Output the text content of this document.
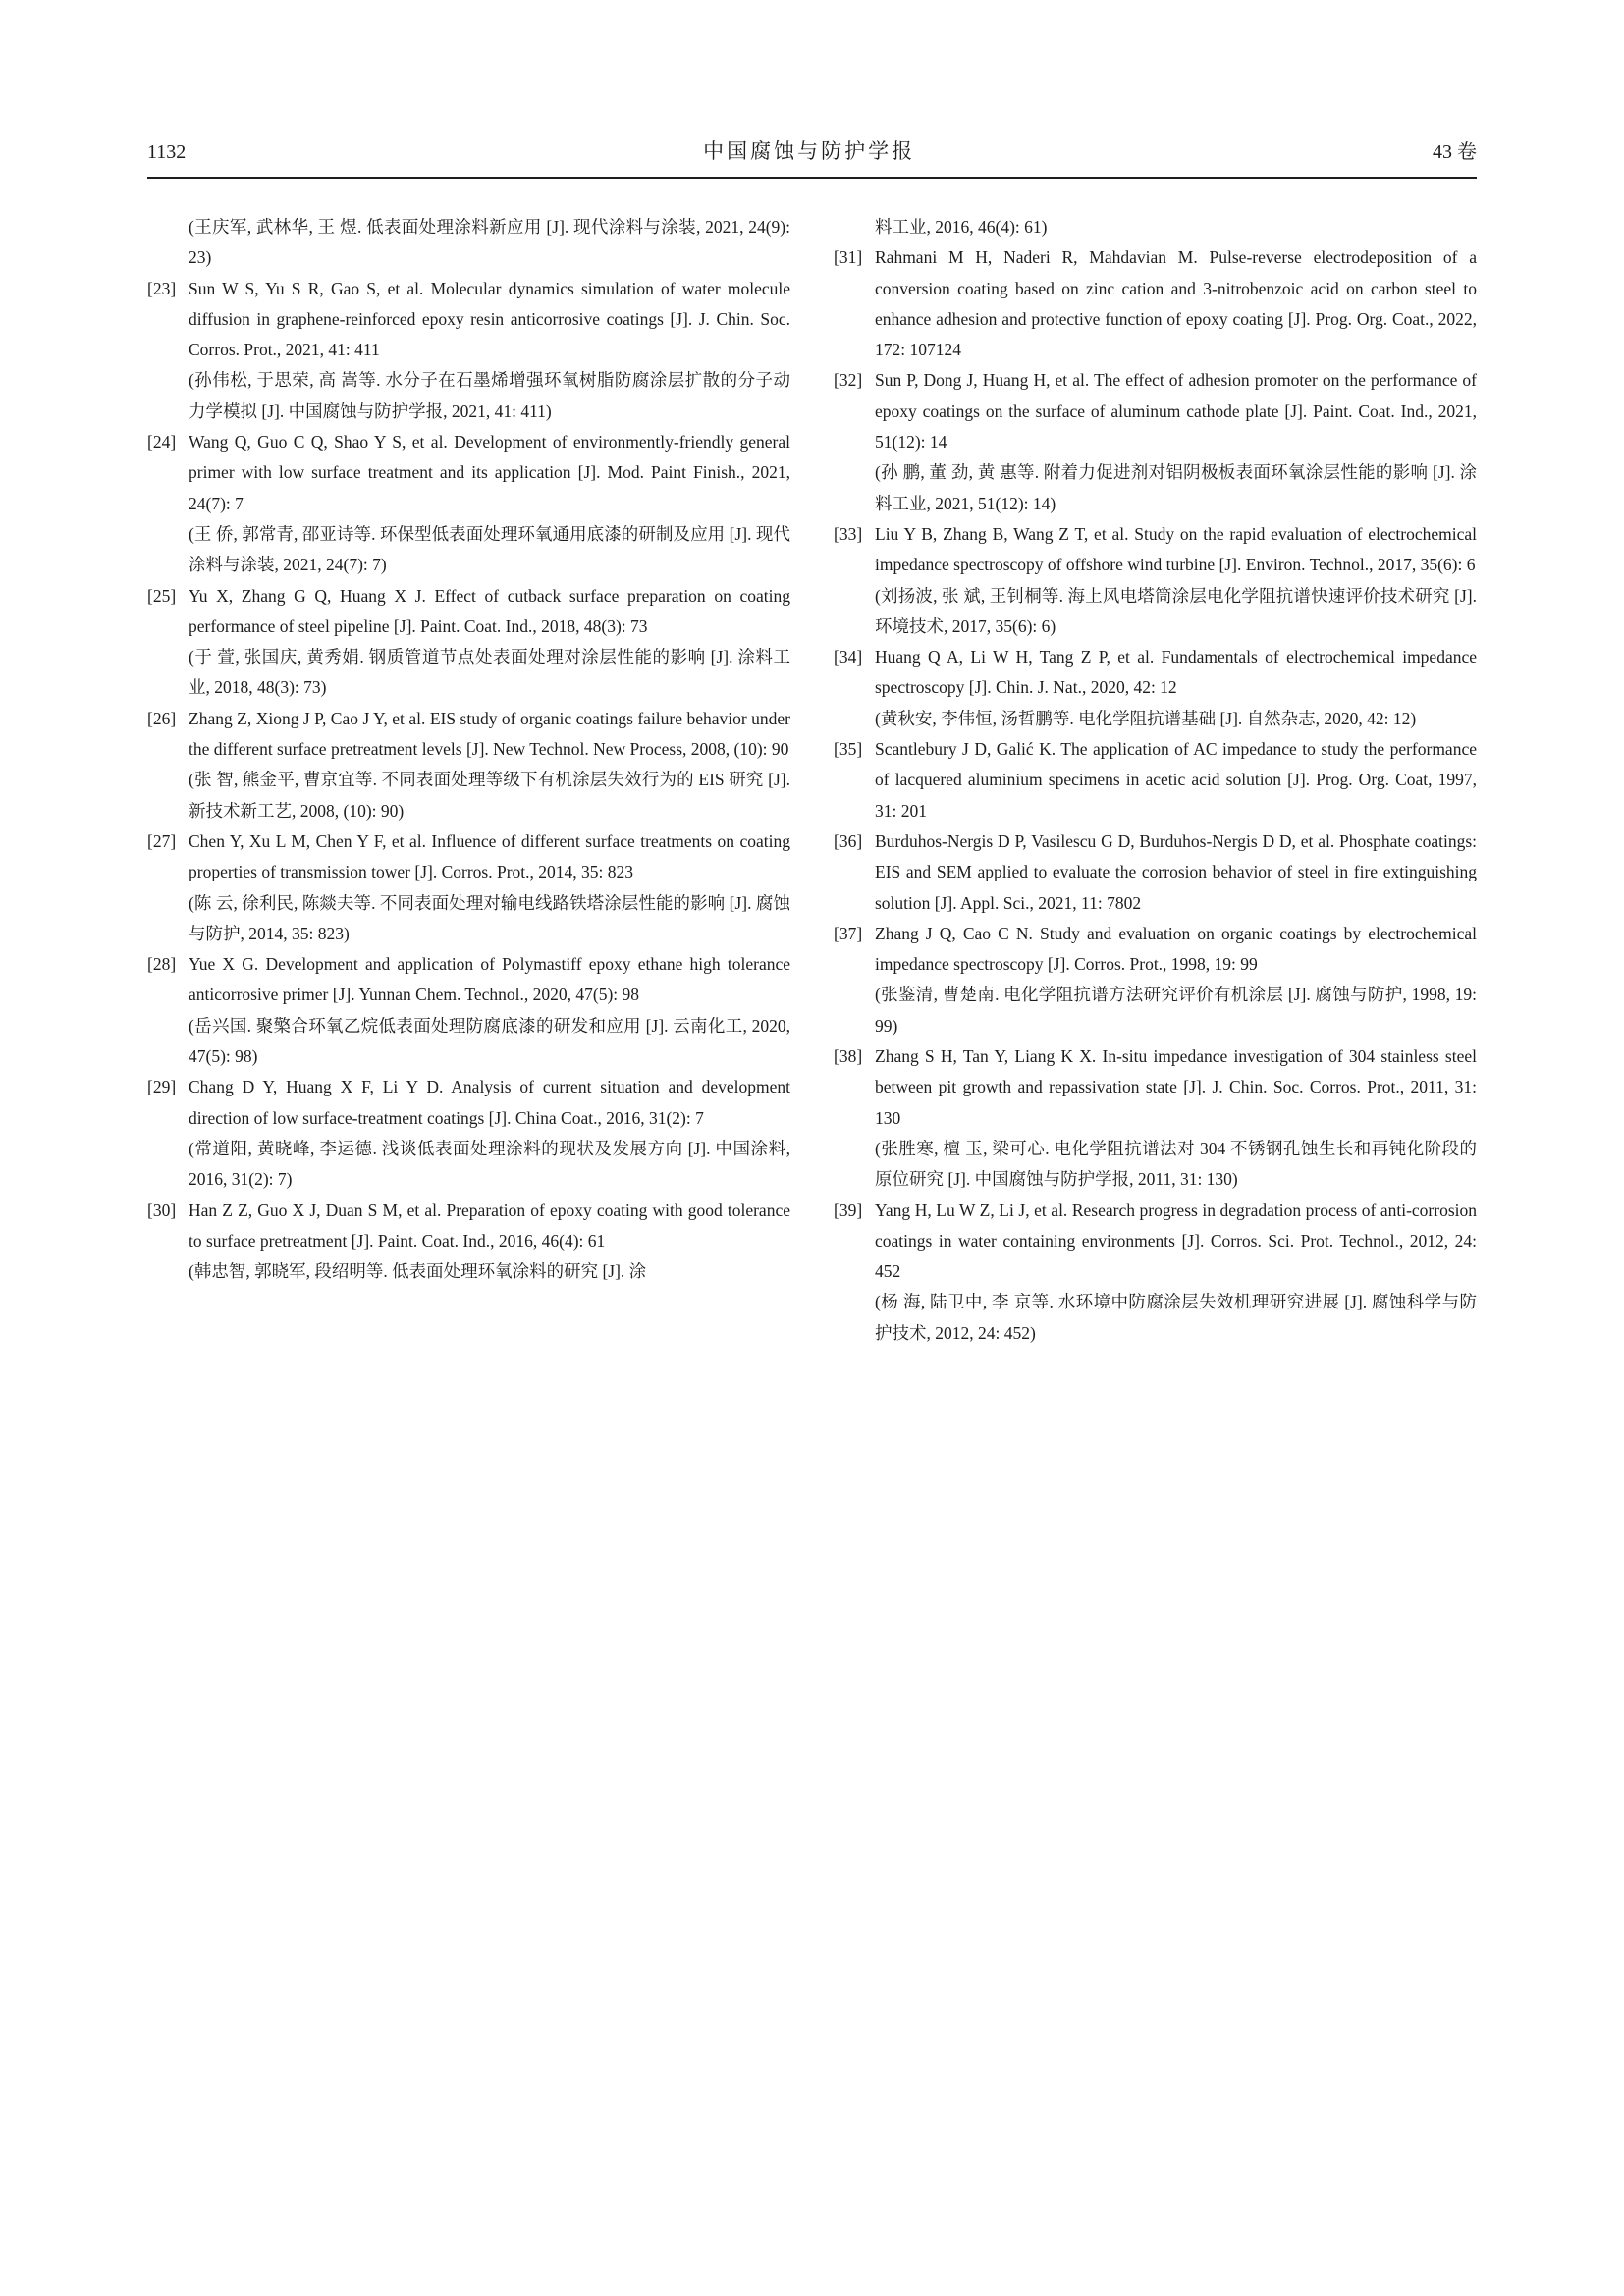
1132	中国腐蚀与防护学报	43 卷
(王庆军, 武林华, 王 煜. 低表面处理涂料新应用 [J]. 现代涂料与涂装, 2021, 24(9): 23)
[23] Sun W S, Yu S R, Gao S, et al. Molecular dynamics simulation of water molecule diffusion in graphene-reinforced epoxy resin anticorrosive coatings [J]. J. Chin. Soc. Corros. Prot., 2021, 41: 411
(孙伟松, 于思荣, 高 嵩等. 水分子在石墨烯增强环氧树脂防腐涂层扩散的分子动力学模拟 [J]. 中国腐蚀与防护学报, 2021, 41: 411)
[24] Wang Q, Guo C Q, Shao Y S, et al. Development of environmently-friendly general primer with low surface treatment and its application [J]. Mod. Paint Finish., 2021, 24(7): 7
(王 侨, 郭常青, 邵亚诗等. 环保型低表面处理环氧通用底漆的研制及应用 [J]. 现代涂料与涂装, 2021, 24(7): 7)
[25] Yu X, Zhang G Q, Huang X J. Effect of cutback surface preparation on coating performance of steel pipeline [J]. Paint. Coat. Ind., 2018, 48(3): 73
(于 萱, 张国庆, 黄秀娟. 钢质管道节点处表面处理对涂层性能的影响 [J]. 涂料工业, 2018, 48(3): 73)
[26] Zhang Z, Xiong J P, Cao J Y, et al. EIS study of organic coatings failure behavior under the different surface pretreatment levels [J]. New Technol. New Process, 2008, (10): 90
(张 智, 熊金平, 曹京宜等. 不同表面处理等级下有机涂层失效行为的 EIS 研究 [J]. 新技术新工艺, 2008, (10): 90)
[27] Chen Y, Xu L M, Chen Y F, et al. Influence of different surface treatments on coating properties of transmission tower [J]. Corros. Prot., 2014, 35: 823
(陈 云, 徐利民, 陈燚夫等. 不同表面处理对输电线路铁塔涂层性能的影响 [J]. 腐蚀与防护, 2014, 35: 823)
[28] Yue X G. Development and application of Polymastiff epoxy ethane high tolerance anticorrosive primer [J]. Yunnan Chem. Technol., 2020, 47(5): 98
(岳兴国. 聚檠合环氧乙烷低表面处理防腐底漆的研发和应用 [J]. 云南化工, 2020, 47(5): 98)
[29] Chang D Y, Huang X F, Li Y D. Analysis of current situation and development direction of low surface-treatment coatings [J]. China Coat., 2016, 31(2): 7
(常道阳, 黄晓峰, 李运德. 浅谈低表面处理涂料的现状及发展方向 [J]. 中国涂料, 2016, 31(2): 7)
[30] Han Z Z, Guo X J, Duan S M, et al. Preparation of epoxy coating with good tolerance to surface pretreatment [J]. Paint. Coat. Ind., 2016, 46(4): 61
(韩忠智, 郭晓军, 段绍明等. 低表面处理环氧涂料的研究 [J]. 涂
料工业, 2016, 46(4): 61)
[31] Rahmani M H, Naderi R, Mahdavian M. Pulse-reverse electrodeposition of a conversion coating based on zinc cation and 3-nitrobenzoic acid on carbon steel to enhance adhesion and protective function of epoxy coating [J]. Prog. Org. Coat., 2022, 172: 107124
[32] Sun P, Dong J, Huang H, et al. The effect of adhesion promoter on the performance of epoxy coatings on the surface of aluminum cathode plate [J]. Paint. Coat. Ind., 2021, 51(12): 14
(孙 鹏, 董 劲, 黄 惠等. 附着力促进剂对铝阴极板表面环氧涂层性能的影响 [J]. 涂料工业, 2021, 51(12): 14)
[33] Liu Y B, Zhang B, Wang Z T, et al. Study on the rapid evaluation of electrochemical impedance spectroscopy of offshore wind turbine [J]. Environ. Technol., 2017, 35(6): 6
(刘扬波, 张 斌, 王钊桐等. 海上风电塔筒涂层电化学阻抗谱快速评价技术研究 [J]. 环境技术, 2017, 35(6): 6)
[34] Huang Q A, Li W H, Tang Z P, et al. Fundamentals of electrochemical impedance spectroscopy [J]. Chin. J. Nat., 2020, 42: 12
(黄秋安, 李伟恒, 汤哲鹏等. 电化学阻抗谱基础 [J]. 自然杂志, 2020, 42: 12)
[35] Scantlebury J D, Galić K. The application of AC impedance to study the performance of lacquered aluminium specimens in acetic acid solution [J]. Prog. Org. Coat, 1997, 31: 201
[36] Burduhos-Nergis D P, Vasilescu G D, Burduhos-Nergis D D, et al. Phosphate coatings: EIS and SEM applied to evaluate the corrosion behavior of steel in fire extinguishing solution [J]. Appl. Sci., 2021, 11: 7802
[37] Zhang J Q, Cao C N. Study and evaluation on organic coatings by electrochemical impedance spectroscopy [J]. Corros. Prot., 1998, 19: 99
(张鉴清, 曹楚南. 电化学阻抗谱方法研究评价有机涂层 [J]. 腐蚀与防护, 1998, 19: 99)
[38] Zhang S H, Tan Y, Liang K X. In-situ impedance investigation of 304 stainless steel between pit growth and repassivation state [J]. J. Chin. Soc. Corros. Prot., 2011, 31: 130
(张胜寒, 檀 玉, 梁可心. 电化学阻抗谱法对 304 不锈钢孔蚀生长和再钝化阶段的原位研究 [J]. 中国腐蚀与防护学报, 2011, 31: 130)
[39] Yang H, Lu W Z, Li J, et al. Research progress in degradation process of anti-corrosion coatings in water containing environments [J]. Corros. Sci. Prot. Technol., 2012, 24: 452
(杨 海, 陆卫中, 李 京等. 水环境中防腐涂层失效机理研究进展 [J]. 腐蚀科学与防护技术, 2012, 24: 452)
